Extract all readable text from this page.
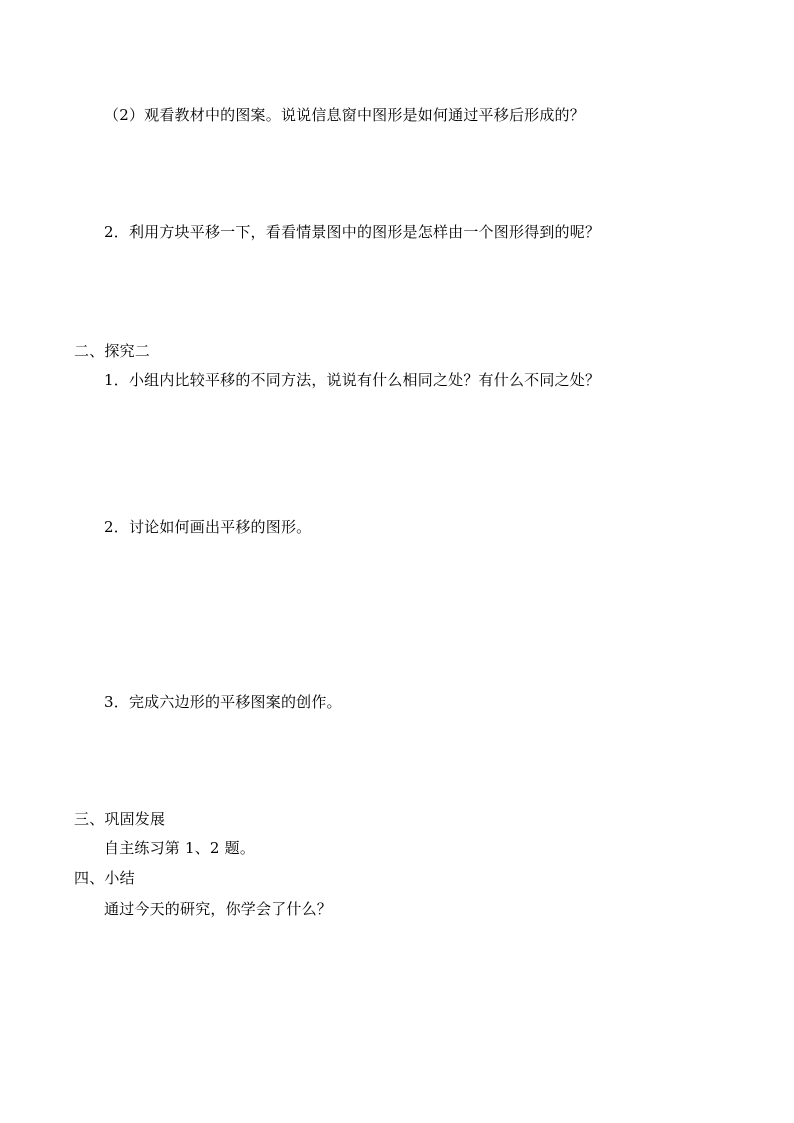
（2）观看教材中的图案。说说信息窗中图形是如何通过平移后形成的？
2．利用方块平移一下，看看情景图中的图形是怎样由一个图形得到的呢？
二、探究二
1．小组内比较平移的不同方法，说说有什么相同之处？有什么不同之处？
2．讨论如何画出平移的图形。
3．完成六边形的平移图案的创作。
三、巩固发展
自主练习第 1、2 题。
四、小结
通过今天的研究，你学会了什么？
